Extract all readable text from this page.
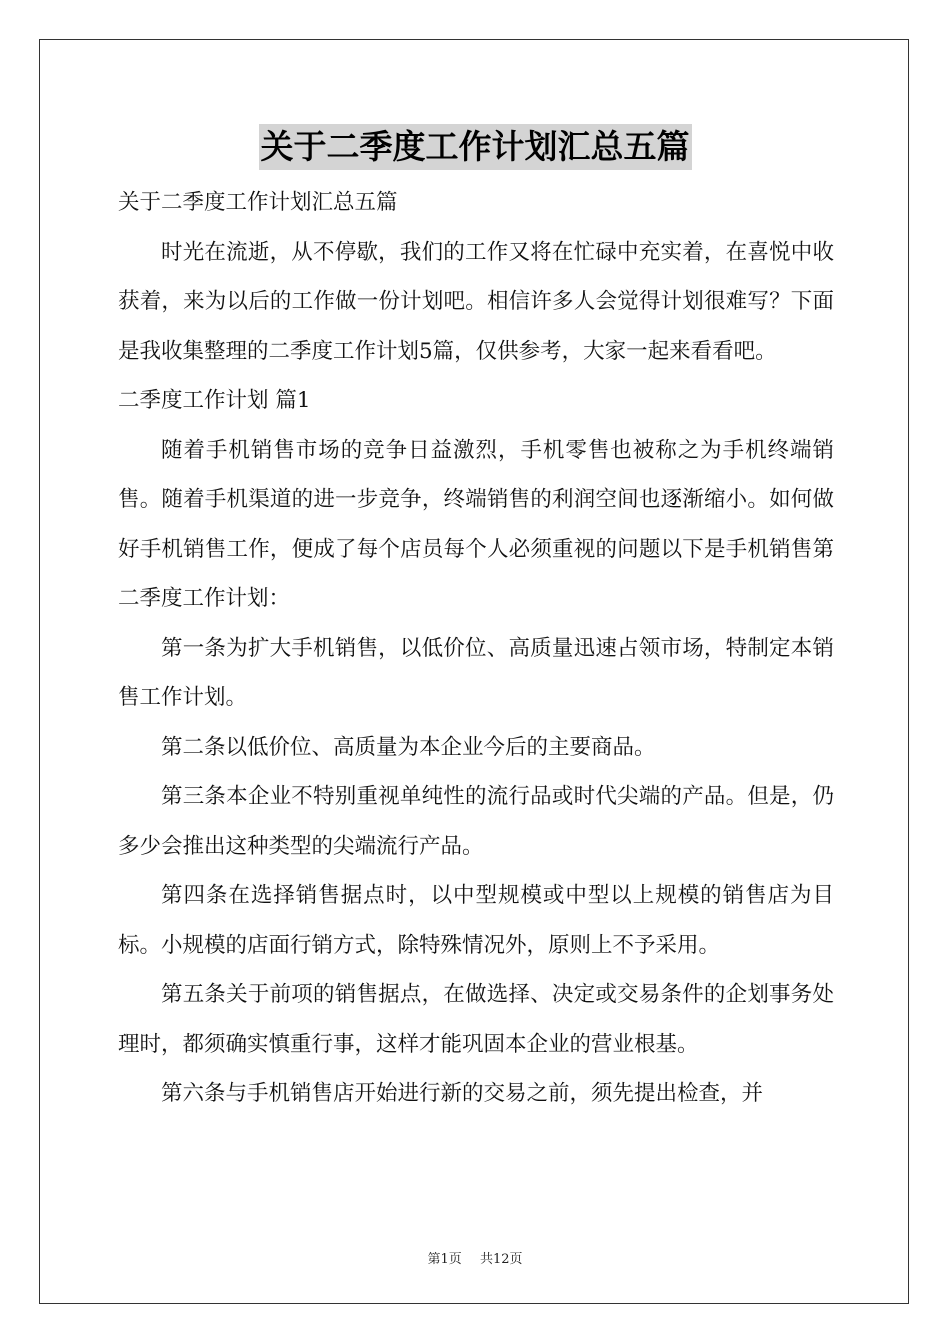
关于二季度工作计划汇总五篇

关于二季度工作计划汇总五篇

时光在流逝，从不停歇，我们的工作又将在忙碌中充实着，在喜悦中收获着，来为以后的工作做一份计划吧。相信许多人会觉得计划很难写？下面是我收集整理的二季度工作计划5篇，仅供参考，大家一起来看看吧。

二季度工作计划 篇1

随着手机销售市场的竞争日益激烈，手机零售也被称之为手机终端销售。随着手机渠道的进一步竞争，终端销售的利润空间也逐渐缩小。如何做好手机销售工作，便成了每个店员每个人必须重视的问题以下是手机销售第二季度工作计划：

第一条为扩大手机销售，以低价位、高质量迅速占领市场，特制定本销售工作计划。

第二条以低价位、高质量为本企业今后的主要商品。

第三条本企业不特别重视单纯性的流行品或时代尖端的产品。但是，仍多少会推出这种类型的尖端流行产品。

第四条在选择销售据点时，以中型规模或中型以上规模的销售店为目标。小规模的店面行销方式，除特殊情况外，原则上不予采用。

第五条关于前项的销售据点，在做选择、决定或交易条件的企划事务处理时，都须确实慎重行事，这样才能巩固本企业的营业根基。

第六条与手机销售店开始进行新的交易之前，须先提出检查，并

第1页 共12页
